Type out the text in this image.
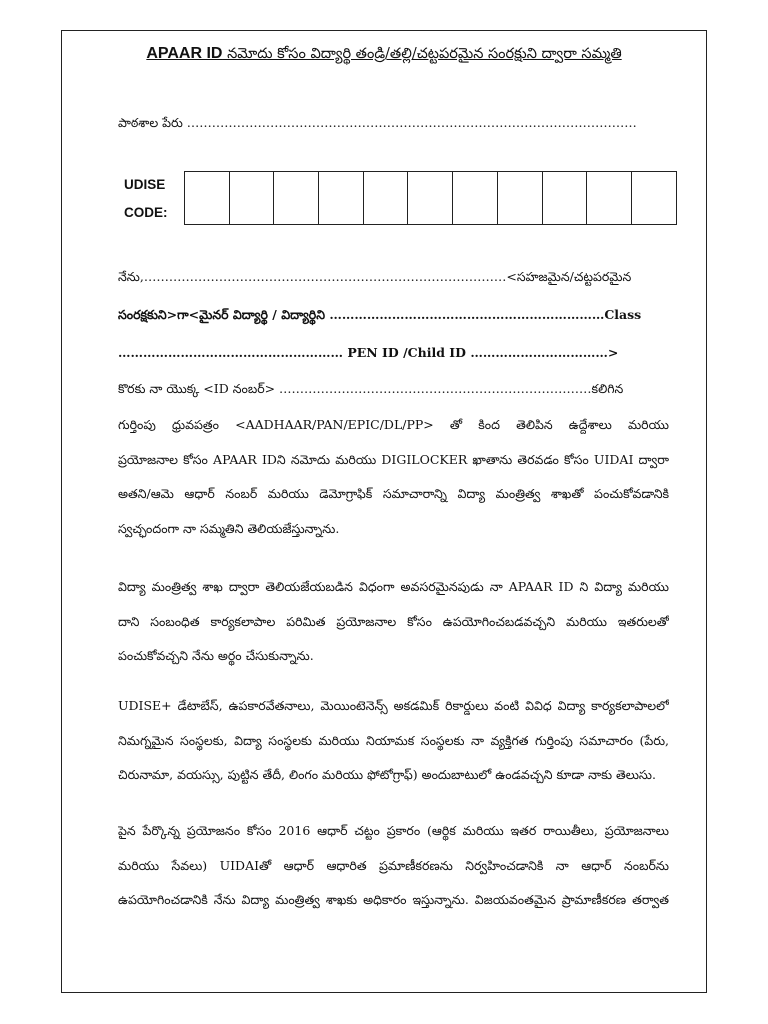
APAAR ID నమోదు కోసం విద్యార్థి తండ్రి/తల్లి/చట్టపరమైన సంరక్షుని ద్వారా సమ్మతి
పాఠశాల పేరు ………………………………………………………………………………………………
UDISE
CODE:
నేను,……………………………………………………………………………<సహజమైన/చట్టపరమైన
సంరక్షకుని>గా<మైనర్ విద్యార్థి / విద్యార్థిని …………………………………………………………Class
……………………………………………… PEN ID /Child ID ……………………………>
కొరకు నా యొక్క <ID నంబర్> …………………………………………………………………కలిగిన
గుర్తింపు ధ్రువపత్రం <AADHAAR/PAN/EPIC/DL/PP> తో కింద తెలిపిన ఉద్దేశాలు మరియు
ప్రయోజనాల కోసం APAAR IDని నమోదు మరియు DIGILOCKER ఖాతాను తెరవడం కోసం UIDAI ద్వారా
అతని/ఆమె ఆధార్ నంబర్ మరియు డెమోగ్రాఫిక్ సమాచారాన్ని విద్యా మంత్రిత్వ శాఖతో పంచుకోవడానికి
స్వచ్ఛందంగా నా సమ్మతిని తెలియజేస్తున్నాను.
విద్యా మంత్రిత్వ శాఖ ద్వారా తెలియజేయబడిన విధంగా అవసరమైనపుడు నా APAAR ID ని విద్యా మరియు
దాని సంబంధిత కార్యకలాపాల పరిమిత ప్రయోజనాల కోసం ఉపయోగించబడవచ్చని మరియు ఇతరులతో
పంచుకోవచ్చని నేను అర్థం చేసుకున్నాను.
UDISE+ డేటాబేస్, ఉపకారవేతనాలు, మెయింటెనెన్స్ అకడమిక్ రికార్డులు వంటి వివిధ విద్యా కార్యకలాపాలలో
నిమగ్నమైన సంస్థలకు, విద్యా సంస్థలకు మరియు నియామక సంస్థలకు నా వ్యక్తిగత గుర్తింపు సమాచారం (పేరు,
చిరునామా, వయస్సు, పుట్టిన తేదీ, లింగం మరియు ఫోటోగ్రాఫ్) అందుబాటులో ఉండవచ్చని కూడా నాకు తెలుసు.
పైన పేర్కొన్న ప్రయోజనం కోసం 2016 ఆధార్ చట్టం ప్రకారం (ఆర్థిక మరియు ఇతర రాయితీలు, ప్రయోజనాలు
మరియు సేవలు) UIDAIతో ఆధార్ ఆధారిత ప్రమాణీకరణను నిర్వహించడానికి నా ఆధార్ నంబర్‌ను
ఉపయోగించడానికి నేను విద్యా మంత్రిత్వ శాఖకు అధికారం ఇస్తున్నాను. విజయవంతమైన ప్రామాణీకరణ తర్వాత
